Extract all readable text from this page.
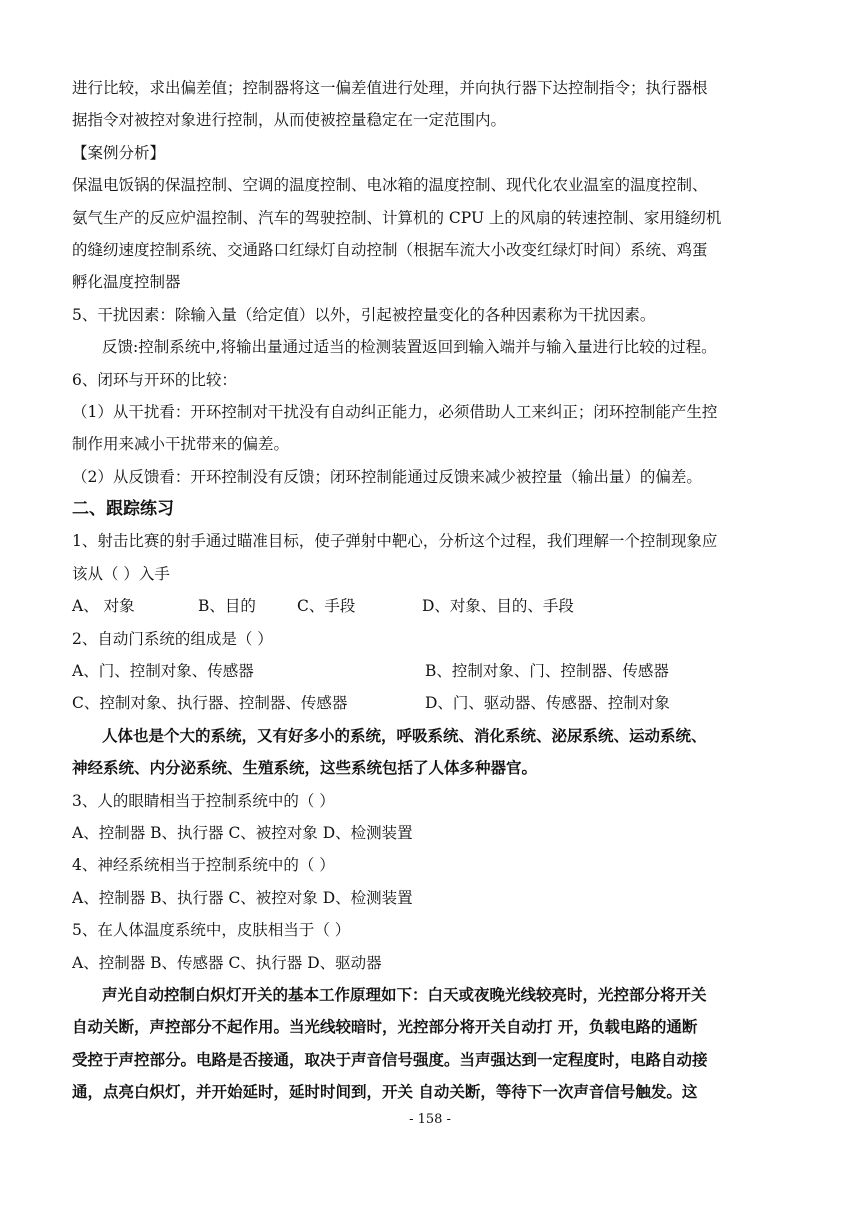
进行比较，求出偏差值；控制器将这一偏差值进行处理，并向执行器下达控制指令；执行器根
据指令对被控对象进行控制，从而使被控量稳定在一定范围内。
【案例分析】
保温电饭锅的保温控制、空调的温度控制、电冰箱的温度控制、现代化农业温室的温度控制、
氨气生产的反应炉温控制、汽车的驾驶控制、计算机的 CPU 上的风扇的转速控制、家用缝纫机
的缝纫速度控制系统、交通路口红绿灯自动控制（根据车流大小改变红绿灯时间）系统、鸡蛋
孵化温度控制器
5、干扰因素：除输入量（给定值）以外，引起被控量变化的各种因素称为干扰因素。
反馈:控制系统中,将输出量通过适当的检测装置返回到输入端并与输入量进行比较的过程。
6、闭环与开环的比较：
（1）从干扰看：开环控制对干扰没有自动纠正能力，必须借助人工来纠正；闭环控制能产生控
制作用来减小干扰带来的偏差。
（2）从反馈看：开环控制没有反馈；闭环控制能通过反馈来减少被控量（输出量）的偏差。
二、跟踪练习
1、射击比赛的射手通过瞄准目标，使子弹射中靶心，分析这个过程，我们理解一个控制现象应
该从（ ）入手
A、 对象	B、目的	C、手段	D、对象、目的、手段
2、自动门系统的组成是（ ）
A、门、控制对象、传感器	B、控制对象、门、控制器、传感器
C、控制对象、执行器、控制器、传感器	D、门、驱动器、传感器、控制对象
人体也是个大的系统，又有好多小的系统，呼吸系统、消化系统、泌尿系统、运动系统、
神经系统、内分泌系统、生殖系统，这些系统包括了人体多种器官。
3、人的眼睛相当于控制系统中的（ ）
A、控制器 B、执行器 C、被控对象 D、检测装置
4、神经系统相当于控制系统中的（ ）
A、控制器 B、执行器 C、被控对象 D、检测装置
5、在人体温度系统中，皮肤相当于（ ）
A、控制器 B、传感器 C、执行器 D、驱动器
声光自动控制白炽灯开关的基本工作原理如下：白天或夜晚光线较亮时，光控部分将开关
自动关断，声控部分不起作用。当光线较暗时，光控部分将开关自动打 开，负载电路的通断
受控于声控部分。电路是否接通，取决于声音信号强度。当声强达到一定程度时，电路自动接
通，点亮白炽灯，并开始延时，延时时间到，开关 自动关断，等待下一次声音信号触发。这
- 158 -
